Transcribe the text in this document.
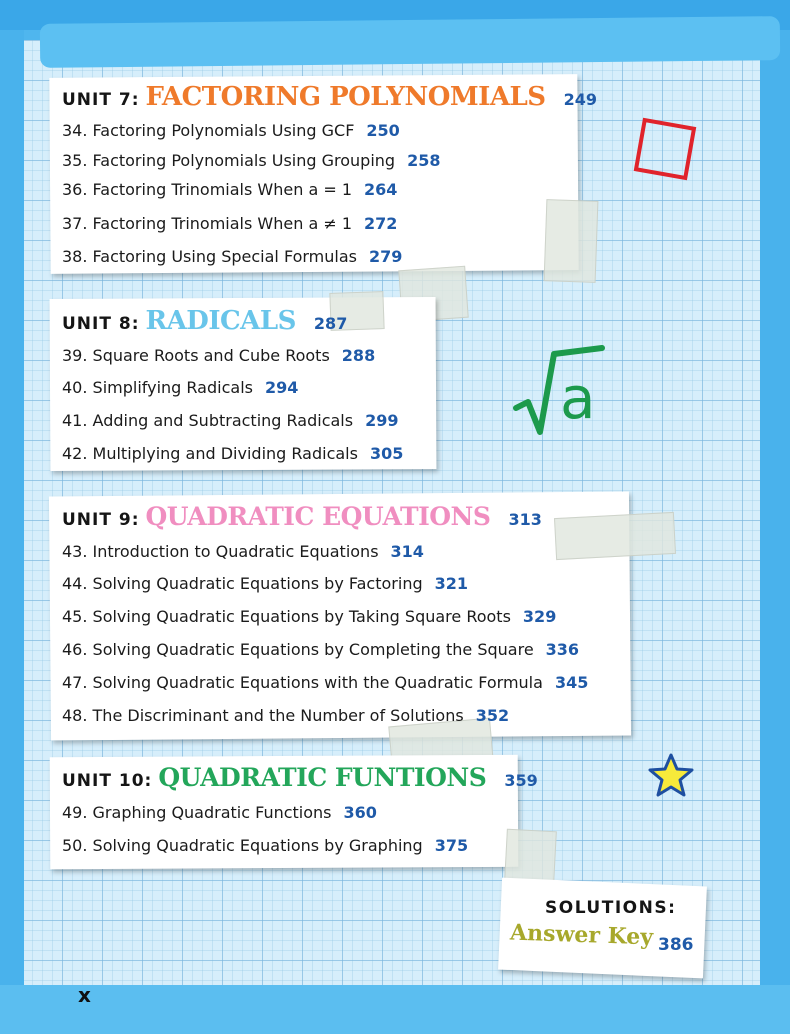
a
UNIT 7: FACTORING POLYNOMIALS 249
34. Factoring Polynomials Using GCF 250
35. Factoring Polynomials Using Grouping 258
36. Factoring Trinomials When a = 1 264
37. Factoring Trinomials When a ≠ 1 272
38. Factoring Using Special Formulas 279
UNIT 8: RADICALS 287
39. Square Roots and Cube Roots 288
40. Simplifying Radicals 294
41. Adding and Subtracting Radicals 299
42. Multiplying and Dividing Radicals 305
UNIT 9: QUADRATIC EQUATIONS 313
43. Introduction to Quadratic Equations 314
44. Solving Quadratic Equations by Factoring 321
45. Solving Quadratic Equations by Taking Square Roots 329
46. Solving Quadratic Equations by Completing the Square 336
47. Solving Quadratic Equations with the Quadratic Formula 345
48. The Discriminant and the Number of Solutions 352
UNIT 10: QUADRATIC FUNTIONS 359
49. Graphing Quadratic Functions 360
50. Solving Quadratic Equations by Graphing 375
SOLUTIONS:
Answer Key 386
x
